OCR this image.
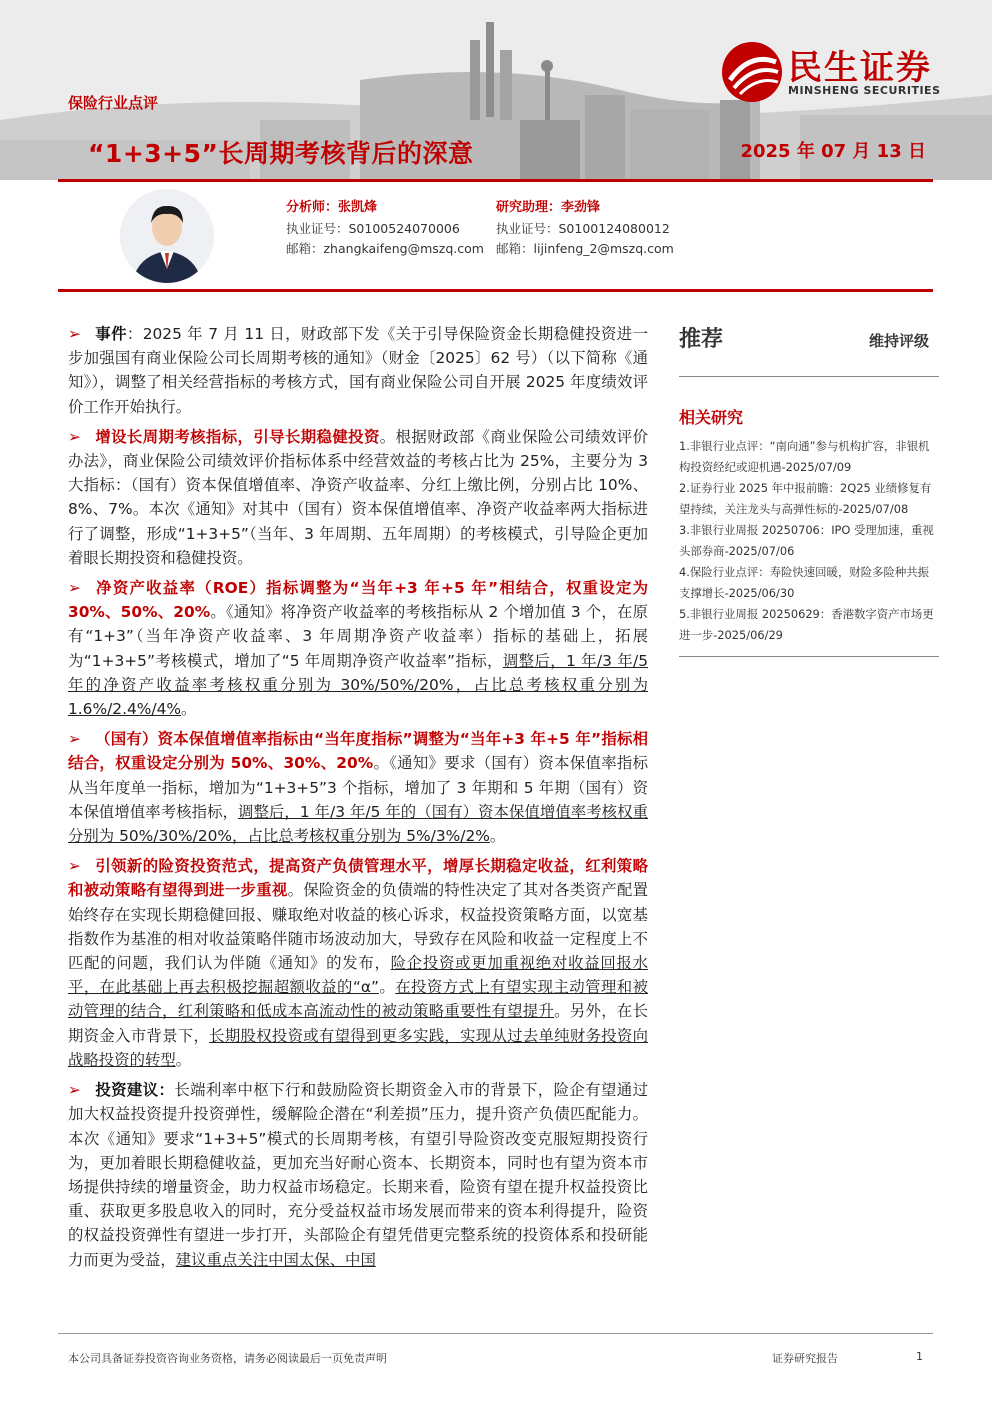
民生证券
MINSHENG SECURITIES
保险行业点评
“1+3+5”长周期考核背后的深意	2025 年 07 月 13 日
分析师：张凯烽
执业证号：S0100524070006
邮箱：zhangkaifeng@mszq.com
研究助理：李劲锋
执业证号：S0100124080012
邮箱：lijinfeng_2@mszq.com

➢ 事件：2025 年 7 月 11 日，财政部下发《关于引导保险资金长期稳健投资进一步加强国有商业保险公司长周期考核的通知》（财金〔2025〕62 号）（以下简称《通知》），调整了相关经营指标的考核方式，国有商业保险公司自开展 2025 年度绩效评价工作开始执行。

➢ 增设长周期考核指标，引导长期稳健投资。根据财政部《商业保险公司绩效评价办法》，商业保险公司绩效评价指标体系中经营效益的考核占比为 25%，主要分为 3 大指标：（国有）资本保值增值率、净资产收益率、分红上缴比例，分别占比 10%、8%、7%。本次《通知》对其中（国有）资本保值增值率、净资产收益率两大指标进行了调整，形成“1+3+5”（当年、3 年周期、五年周期）的考核模式，引导险企更加着眼长期投资和稳健投资。

➢ 净资产收益率（ROE）指标调整为“当年+3 年+5 年”相结合，权重设定为 30%、50%、20%。《通知》将净资产收益率的考核指标从 2 个增加值 3 个，在原有“1+3”（当年净资产收益率、3 年周期净资产收益率）指标的基础上，拓展为“1+3+5”考核模式，增加了“5 年周期净资产收益率”指标，调整后，1 年/3 年/5 年的净资产收益率考核权重分别为 30%/50%/20%，占比总考核权重分别为 1.6%/2.4%/4%。

➢ （国有）资本保值增值率指标由“当年度指标”调整为“当年+3 年+5 年”指标相结合，权重设定分别为 50%、30%、20%。《通知》要求（国有）资本保值率指标从当年度单一指标，增加为“1+3+5”3 个指标，增加了 3 年期和 5 年期（国有）资本保值增值率考核指标，调整后，1 年/3 年/5 年的（国有）资本保值增值率考核权重分别为 50%/30%/20%，占比总考核权重分别为 5%/3%/2%。

➢ 引领新的险资投资范式，提高资产负债管理水平，增厚长期稳定收益，红利策略和被动策略有望得到进一步重视。保险资金的负债端的特性决定了其对各类资产配置始终存在实现长期稳健回报、赚取绝对收益的核心诉求，权益投资策略方面，以宽基指数作为基准的相对收益策略伴随市场波动加大，导致存在风险和收益一定程度上不匹配的问题，我们认为伴随《通知》的发布，险企投资或更加重视绝对收益回报水平，在此基础上再去积极挖掘超额收益的“α”。在投资方式上有望实现主动管理和被动管理的结合，红利策略和低成本高流动性的被动策略重要性有望提升。另外，在长期资金入市背景下，长期股权投资或有望得到更多实践，实现从过去单纯财务投资向战略投资的转型。

➢ 投资建议：长端利率中枢下行和鼓励险资长期资金入市的背景下，险企有望通过加大权益投资提升投资弹性，缓解险企潜在“利差损”压力，提升资产负债匹配能力。本次《通知》要求“1+3+5”模式的长周期考核，有望引导险资改变克服短期投资行为，更加着眼长期稳健收益，更加充当好耐心资本、长期资本，同时也有望为资本市场提供持续的增量资金，助力权益市场稳定。长期来看，险资有望在提升权益投资比重、获取更多股息收入的同时，充分受益权益市场发展而带来的资本利得提升，险资的权益投资弹性有望进一步打开，头部险企有望凭借更完整系统的投资体系和投研能力而更为受益，建议重点关注中国太保、中国

推荐	维持评级
相关研究

1.非银行业点评：“南向通”参与机构扩容，非银机构投资经纪或迎机遇-2025/07/09

2.证券行业 2025 年中报前瞻：2Q25 业绩修复有望持续，关注龙头与高弹性标的-2025/07/08

3.非银行业周报 20250706：IPO 受理加速，重视头部券商-2025/07/06

4.保险行业点评：寿险快速回暖，财险多险种共振支撑增长-2025/06/30

5.非银行业周报 20250629：香港数字资产市场更进一步-2025/06/29

本公司具备证券投资咨询业务资格，请务必阅读最后一页免责声明	证券研究报告	1
